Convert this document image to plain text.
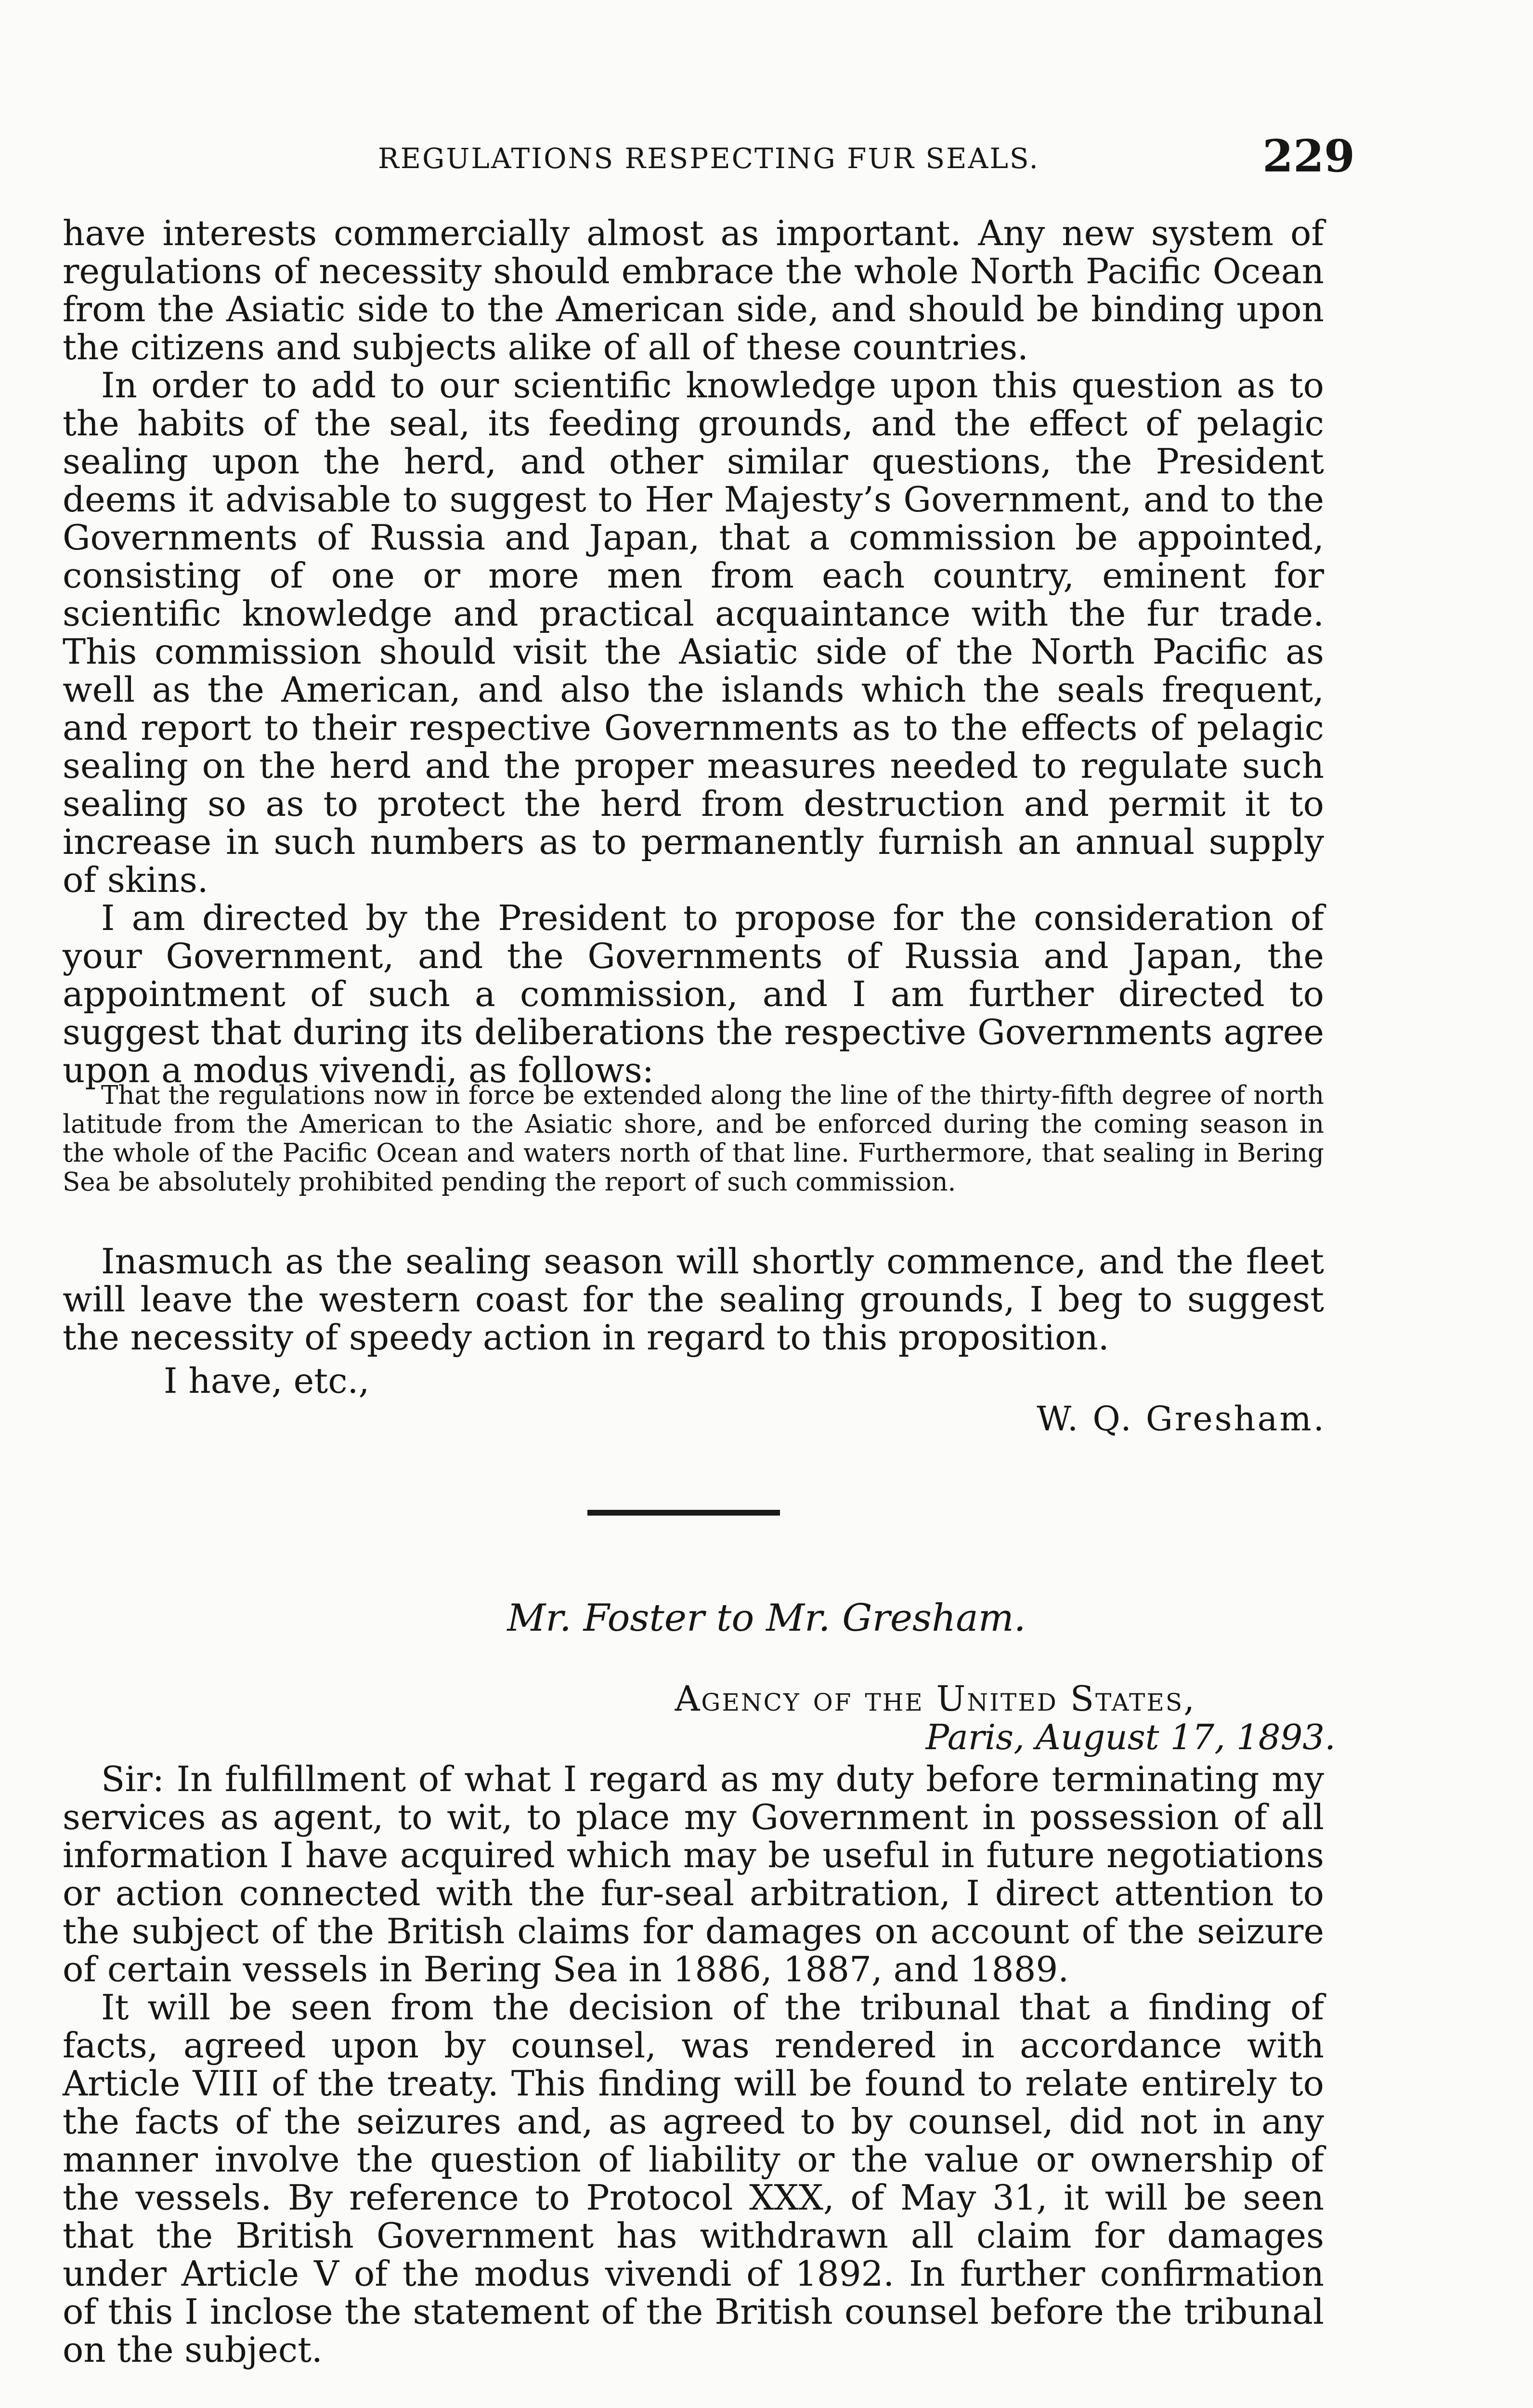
REGULATIONS RESPECTING FUR SEALS.	229

have interests commercially almost as important. Any new system of regulations of necessity should embrace the whole North Pacific Ocean from the Asiatic side to the American side, and should be binding upon the citizens and subjects alike of all of these countries.

In order to add to our scientific knowledge upon this question as to the habits of the seal, its feeding grounds, and the effect of pelagic sealing upon the herd, and other similar questions, the President deems it advisable to suggest to Her Majesty’s Government, and to the Governments of Russia and Japan, that a commission be appointed, consisting of one or more men from each country, eminent for scientific knowledge and practical acquaintance with the fur trade. This commission should visit the Asiatic side of the North Pacific as well as the American, and also the islands which the seals frequent, and report to their respective Governments as to the effects of pelagic sealing on the herd and the proper measures needed to regulate such sealing so as to protect the herd from destruction and permit it to increase in such numbers as to permanently furnish an annual supply of skins.

I am directed by the President to propose for the consideration of your Government, and the Governments of Russia and Japan, the appointment of such a commission, and I am further directed to suggest that during its deliberations the respective Governments agree upon a modus vivendi, as follows:

That the regulations now in force be extended along the line of the thirty-fifth degree of north latitude from the American to the Asiatic shore, and be enforced during the coming season in the whole of the Pacific Ocean and waters north of that line. Furthermore, that sealing in Bering Sea be absolutely prohibited pending the report of such commission.

Inasmuch as the sealing season will shortly commence, and the fleet will leave the western coast for the sealing grounds, I beg to suggest the necessity of speedy action in regard to this proposition.

I have, etc.,
W. Q. Gresham.
Mr. Foster to Mr. Gresham.
Agency of the United States,
Paris, August 17, 1893.

Sir: In fulfillment of what I regard as my duty before terminating my services as agent, to wit, to place my Government in possession of all information I have acquired which may be useful in future negotiations or action connected with the fur-seal arbitration, I direct attention to the subject of the British claims for damages on account of the seizure of certain vessels in Bering Sea in 1886, 1887, and 1889.

It will be seen from the decision of the tribunal that a finding of facts, agreed upon by counsel, was rendered in accordance with Article VIII of the treaty. This finding will be found to relate entirely to the facts of the seizures and, as agreed to by counsel, did not in any manner involve the question of liability or the value or ownership of the vessels. By reference to Protocol XXX, of May 31, it will be seen that the British Government has withdrawn all claim for damages under Article V of the modus vivendi of 1892. In further confirmation of this I inclose the statement of the British counsel before the tribunal on the subject.
